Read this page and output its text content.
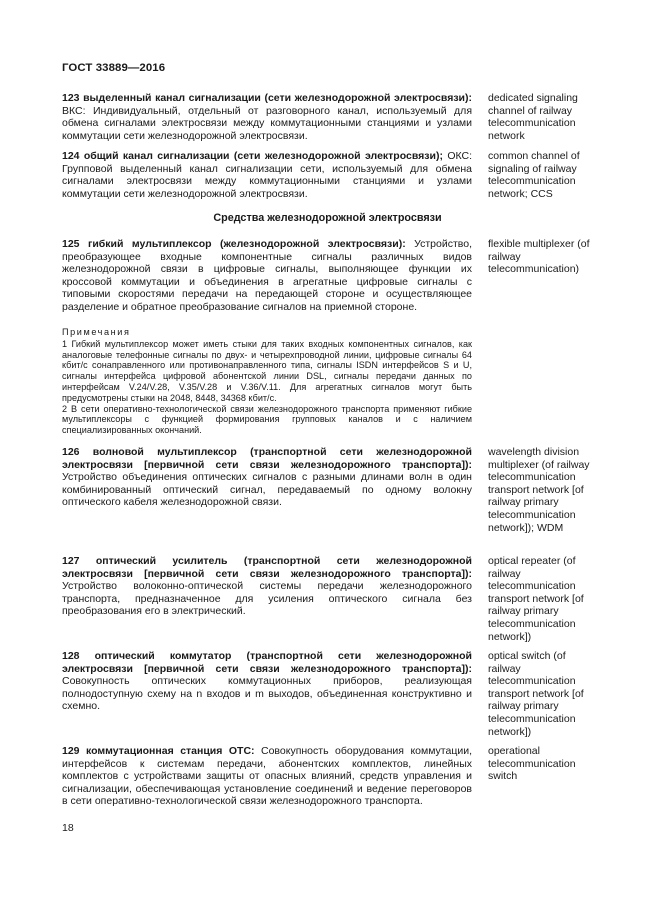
ГОСТ 33889—2016
123 выделенный канал сигнализации (сети железнодорожной электросвязи): ВКС: Индивидуальный, отдельный от разговорного канал, используемый для обмена сигналами электросвязи между коммутационными станциями и узлами коммутации сети железнодорожной электросвязи.
dedicated signaling channel of railway telecommunication network
124 общий канал сигнализации (сети железнодорожной электросвязи); ОКС: Групповой выделенный канал сигнализации сети, используемый для обмена сигналами электросвязи между коммутационными станциями и узлами коммутации сети железнодорожной электросвязи.
common channel of signaling of railway telecommunication network; CCS
Средства железнодорожной электросвязи
125 гибкий мультиплексор (железнодорожной электросвязи): Устройство, преобразующее входные компонентные сигналы различных видов железнодорожной связи в цифровые сигналы, выполняющее функции их кроссовой коммутации и объединения в агрегатные цифровые сигналы с типовыми скоростями передачи на передающей стороне и осуществляющее разделение и обратное преобразование сигналов на приемной стороне.
flexible multiplexer (of railway telecommunication)
Примечания

1 Гибкий мультиплексор может иметь стыки для таких входных компонентных сигналов, как аналоговые телефонные сигналы по двух- и четырехпроводной линии, цифровые сигналы 64 кбит/с сонаправленного или противонаправленного типа, сигналы ISDN интерфейсов S и U, сигналы интерфейса цифровой абонентской линии DSL, сигналы передачи данных по интерфейсам V.24/V.28, V.35/V.28 и V.36/V.11. Для агрегатных сигналов могут быть предусмотрены стыки на 2048, 8448, 34368 кбит/с.

2 В сети оперативно-технологической связи железнодорожного транспорта применяют гибкие мультиплексоры с функцией формирования групповых каналов и с наличием специализированных окончаний.

126 волновой мультиплексор (транспортной сети железнодорожной электросвязи [первичной сети связи железнодорожного транспорта]): Устройство объединения оптических сигналов с разными длинами волн в один комбинированный оптический сигнал, передаваемый по одному волокну оптического кабеля железнодорожной связи.
wavelength division multiplexer (of railway telecommunication transport network [of railway primary telecommunication network]); WDM
127 оптический усилитель (транспортной сети железнодорожной электросвязи [первичной сети связи железнодорожного транспорта]): Устройство волоконно-оптической системы передачи железнодорожного транспорта, предназначенное для усиления оптического сигнала без преобразования его в электрический.
optical repeater (of railway telecommunication transport network [of railway primary telecommunication network])
128 оптический коммутатор (транспортной сети железнодорожной электросвязи [первичной сети связи железнодорожного транспорта]): Совокупность оптических коммутационных приборов, реализующая полнодоступную схему на n входов и m выходов, объединенная конструктивно и схемно.
optical switch (of railway telecommunication transport network [of railway primary telecommunication network])
129 коммутационная станция ОТС: Совокупность оборудования коммутации, интерфейсов к системам передачи, абонентских комплектов, линейных комплектов с устройствами защиты от опасных влияний, средств управления и сигнализации, обеспечивающая установление соединений и ведение переговоров в сети оперативно-технологической связи железнодорожного транспорта.
operational telecommunication switch
18
